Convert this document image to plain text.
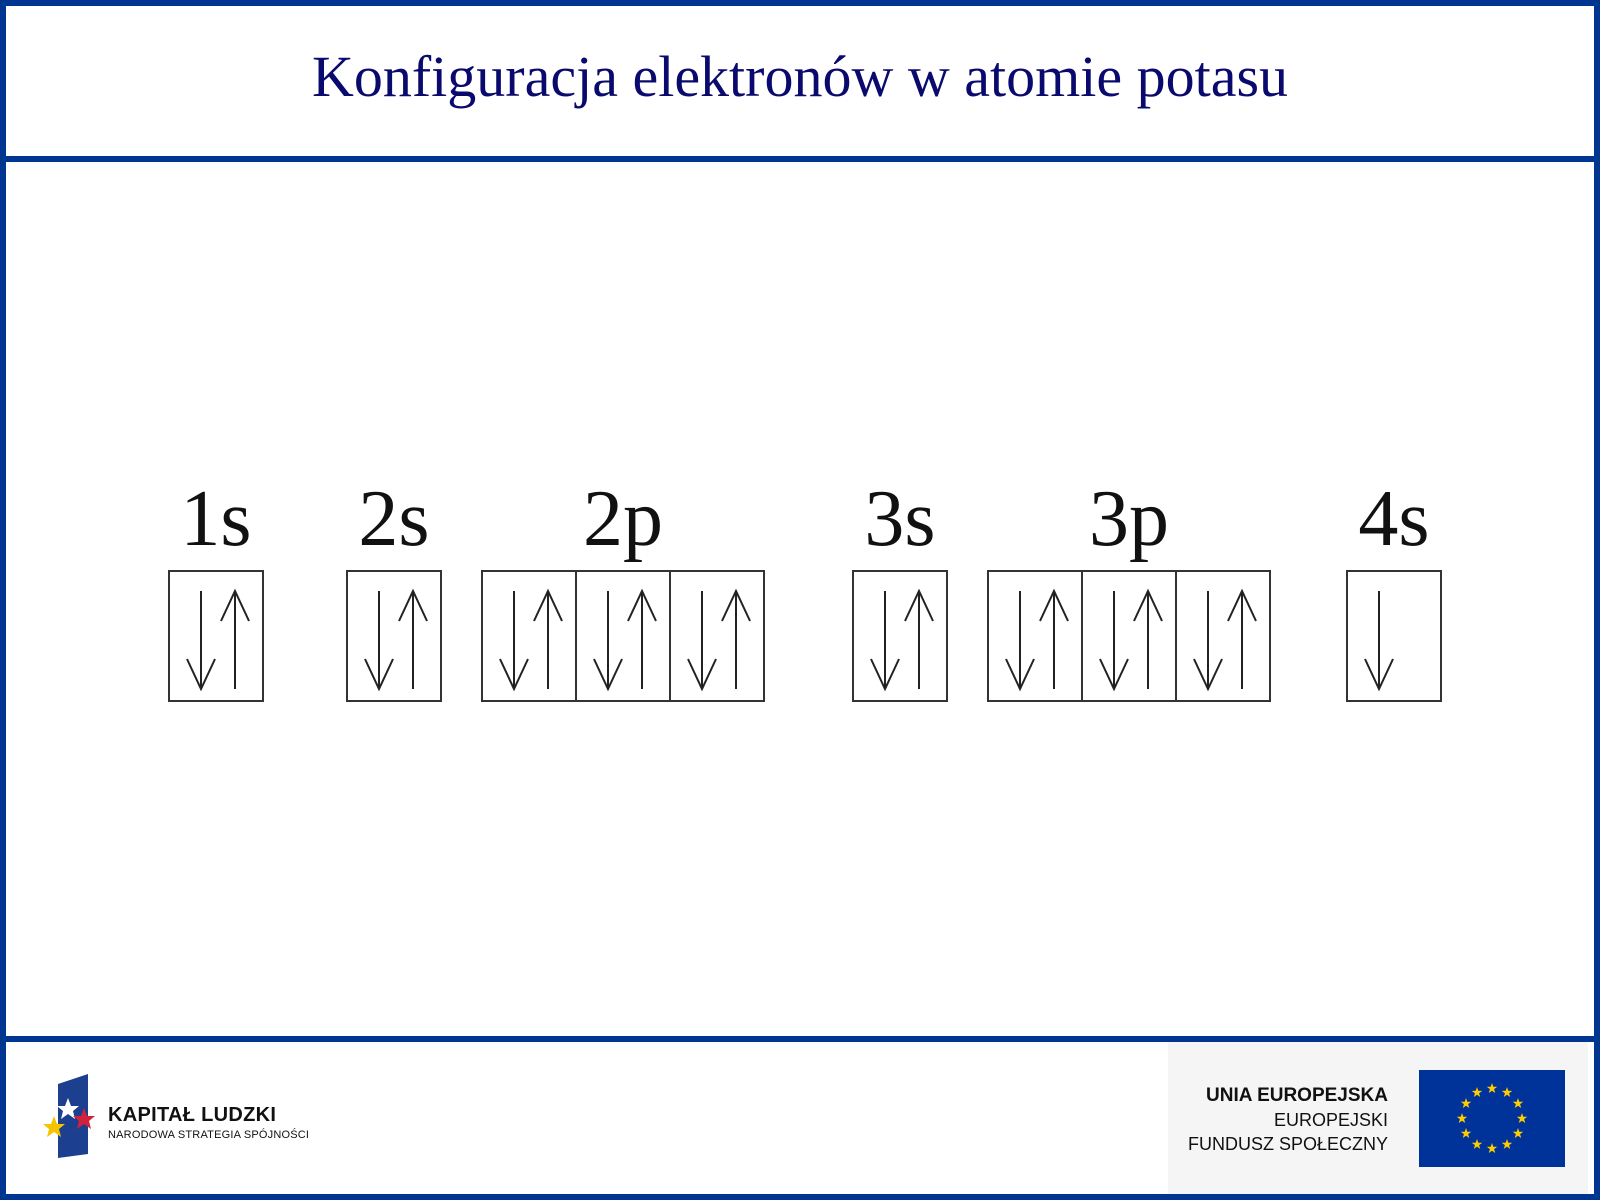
Konfiguracja elektronów w atomie potasu
1s 2s 2p	3s 3p 4s
KAPITAŁ LUDZKI
NARODOWA STRATEGIA SPÓJNOŚCI
UNIA EUROPEJSKA
EUROPEJSKI
FUNDUSZ SPOŁECZNY
